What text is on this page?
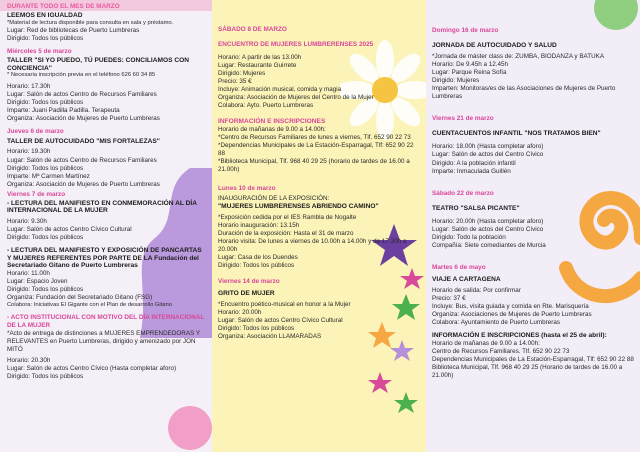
DURANTE TODO EL MES DE MARZO
LEEMOS EN IGUALDAD
*Material de lectura disponible para consulta en sala y préstamo.
Lugar: Red de bibliotecas de Puerto Lumbreras
Dirigido: Todos los públicos
Miércoles 5 de marzo
TALLER "SI YO PUEDO, TÚ PUEDES: CONCILIAMOS CON CONCIENCIA"
* Necesaria inscripción previa en el teléfono 626 60 34 85
Horario: 17.30h
Lugar: Salón de actos Centro de Recursos Familiares
Dirigido: Todos los públicos
Imparte: Juani Padilla Padilla. Terapeuta
Organiza: Asociación de Mujeres de Puerto Lumbreras
Jueves 6 de marzo
TALLER DE AUTOCUIDADO "MIS FORTALEZAS"
Horario: 19.30h
Lugar: Salón de actos Centro de Recursos Familiares
Dirigido: Todos los públicos
Imparte: Mª Carmen Martínez
Organiza: Asociación de Mujeres de Puerto Lumbreras
Viernes 7 de marzo
- LECTURA DEL MANIFIESTO EN CONMEMORACIÓN AL DÍA INTERNACIONAL DE LA MUJER
Horario: 9.30h
Lugar: Salón de actos Centro Cívico Cultural
Dirigido: Todos los públicos
- LECTURA DEL MANIFIESTO Y EXPOSICIÓN DE PANCARTAS Y MUJERES REFERENTES POR PARTE DE LA Fundación del Secretariado Gitano de Puerto Lumbreras
Horario: 11.00h
Lugar: Espacio Joven
Dirigido: Todos los públicos
Organiza: Fundación del Secretariado Gitano (FSG)
Colabora: Iniciativas El Gigante con el Plan de desarrollo Gitano
- ACTO INSTITUCIONAL CON MOTIVO DEL DÍA INTERNACIONAL DE LA MUJER
*Acto de entrega de distinciones a MUJERES EMPRENDEDORAS Y RELEVANTES en Puerto Lumbreras, dirigido y amenizado por JON MITÓ
Horario: 20.30h
Lugar: Salón de actos Centro Cívico (Hasta completar aforo)
Dirigido: Todos los públicos
SÁBADO 8 DE MARZO
ENCUENTRO DE MUJERES LUMBRERENSES 2025
Horario: A partir de las 13.00h
Lugar: Restaurante Guirrete
Dirigido: Mujeres
Precio: 35 €
Incluye: Animación musical, comida y magia
Organiza: Asociación de Mujeres del Centro de la Mujer
Colabora: Ayto. Puerto Lumbreras
INFORMACIÓN E INSCRIPCIONES
Horario de mañanas de 9.00 a 14.00h:
*Centro de Recursos Familiares de lunes a viernes, Tlf. 652 90 22 73
*Dependencias Municipales de La Estación-Esparragal, Tlf: 652 90 22 88
*Biblioteca Municipal, Tlf. 968 40 29 25 (horario de tardes de 16.00 a 21.00h)
Lunes 10 de marzo
INAUGURACIÓN DE LA EXPOSICIÓN:
"MUJERES LUMBRERENSES ABRIENDO CAMINO"
*Exposición cedida por el IES Rambla de Nogalte
Horario inauguración: 13.15h
Duración de la exposición: Hasta el 31 de marzo
Horario visita: De lunes a viernes de 10.00h a 14.00h y de 17.30h a 20.00h
Lugar: Casa de los Duendes
Dirigido: Todos los públicos
Viernes 14 de marzo
GRITO DE MUJER
*Encuentro poético-musical en honor a la Mujer
Horario: 20.00h
Lugar: Salón de actos Centro Cívico Cultural
Dirigido: Todos los públicos
Organiza: Asociación LLAMARADAS
Domingo 16 de marzo
JORNADA DE AUTOCUIDADO Y SALUD
*Jornada de máster class de: ZUMBA, BIODANZA y BATUKA
Horario: De 9.45h a 12.45h
Lugar: Parque Reina Sofía
Dirigido: Mujeres
Imparten: Monitoras/es de las Asociaciones de Mujeres de Puerto Lumbreras
Viernes 21 de marzo
CUENTACUENTOS INFANTIL "NOS TRATAMOS BIEN"
Horario: 18.00h (Hasta completar aforo)
Lugar: Salón de actos del Centro Cívico
Dirigido: A la población infantil
Imparte: Inmaculada Guillén
Sábado 22 de marzo
TEATRO "SALSA PICANTE"
Horario: 20.00h (Hasta completar aforo)
Lugar: Salón de actos del Centro Cívico
Dirigido: Todo la población
Compañía: Siete comediantes de Murcia
Martes 6 de mayo
VIAJE A CARTAGENA
Horario de salida: Por confirmar
Precio: 37 €
Incluye: Bus, visita guiada y comida en Rte. Marisquería
Organiza: Asociaciones de Mujeres de Puerto Lumbreras
Colabora: Ayuntamiento de Puerto Lumbreras
INFORMACIÓN E INSCRIPCIONES (hasta el 25 de abril):
Horario de mañanas de 9.00 a 14.00h:
Centro de Recursos Familiares. Tlf. 652 90 22 73
Dependencias Municipales de La Estación-Esparragal, Tlf: 652 90 22 88
Biblioteca Municipal, Tlf. 968 40 29 25 (Horario de tardes de 16.00 a 21.00h)
